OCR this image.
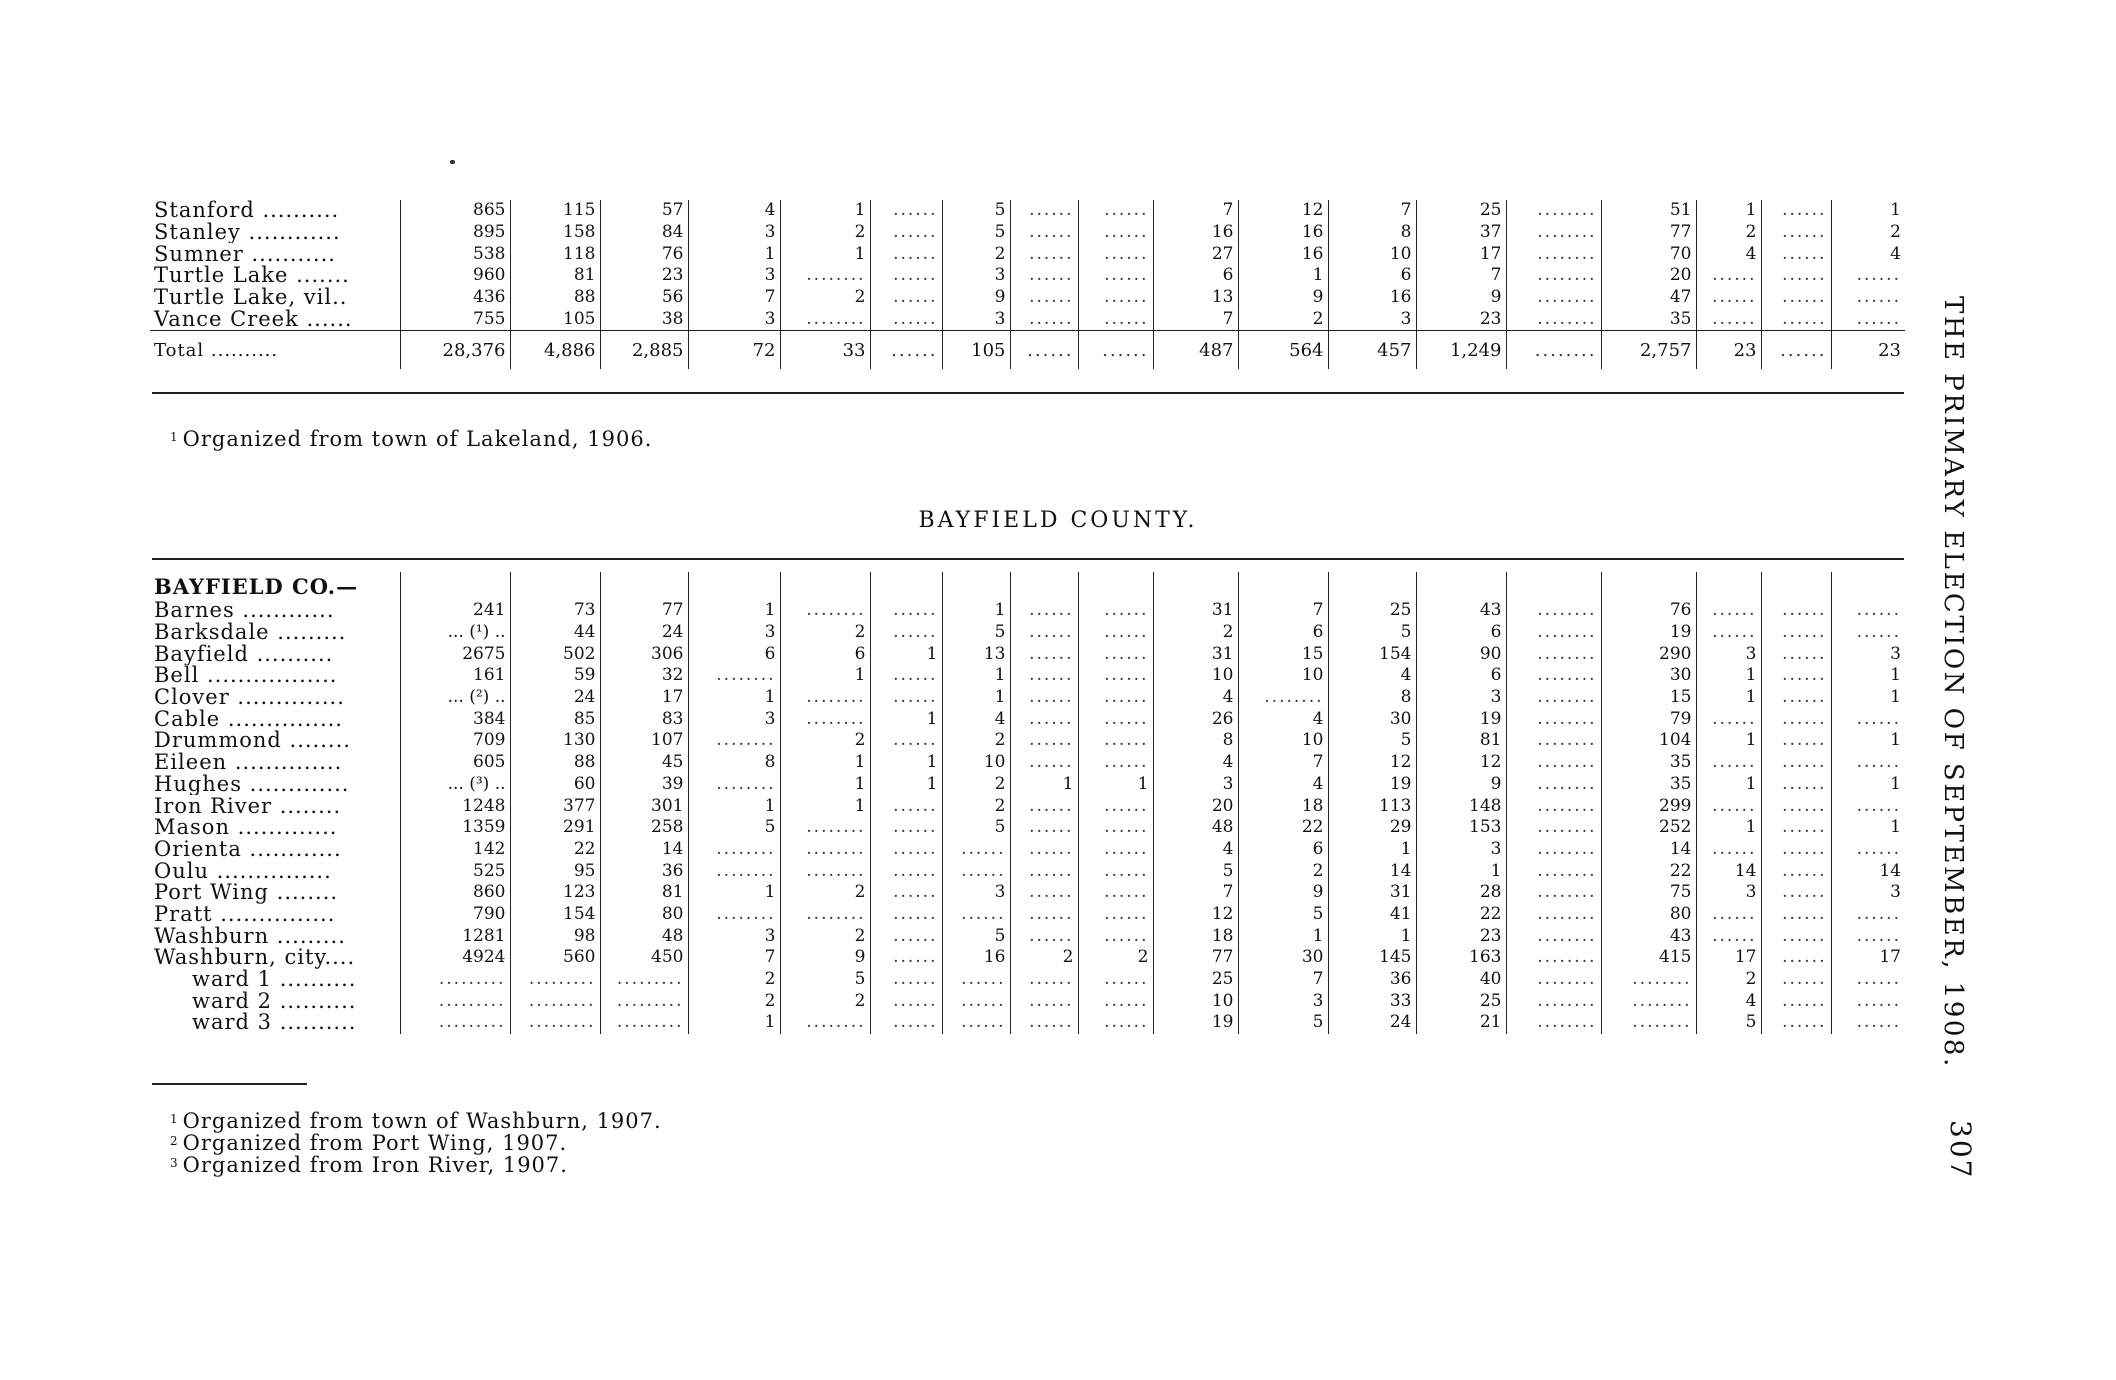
Stanford ..........	865	115	57	4	1	......	5	......	......	7	12	7	25	........	51	1	......	1
Stanley ............	895	158	84	3	2	......	5	......	......	16	16	8	37	........	77	2	......	2
Sumner ...........	538	118	76	1	1	......	2	......	......	27	16	10	17	........	70	4	......	4
Turtle Lake .......	960	81	23	3	........	......	3	......	......	6	1	6	7	........	20	......	......	......
Turtle Lake, vil..	436	88	56	7	2	......	9	......	......	13	9	16	9	........	47	......	......	......
Vance Creek ......	755	105	38	3	........	......	3	......	......	7	2	3	23	........	35	......	......	......
Total ..........	28,376	4,886	2,885	72	33	......	105	......	......	487	564	457	1,249	........	2,757	23	......	23
$^1$ Organized from town of Lakeland, 1906.
BAYFIELD COUNTY.
BAYFIELD CO.—																		
Barnes ............	241	73	77	1	........	......	1	......	......	31	7	25	43	........	76	......	......	......
Barksdale .........	... (¹) ..	44	24	3	2	......	5	......	......	2	6	5	6	........	19	......	......	......
Bayfield ..........	2675	502	306	6	6	1	13	......	......	31	15	154	90	........	290	3	......	3
Bell .................	161	59	32	........	1	......	1	......	......	10	10	4	6	........	30	1	......	1
Clover ..............	... (²) ..	24	17	1	........	......	1	......	......	4	........	8	3	........	15	1	......	1
Cable ...............	384	85	83	3	........	1	4	......	......	26	4	30	19	........	79	......	......	......
Drummond ........	709	130	107	........	2	......	2	......	......	8	10	5	81	........	104	1	......	1
Eileen ..............	605	88	45	8	1	1	10	......	......	4	7	12	12	........	35	......	......	......
Hughes .............	... (³) ..	60	39	........	1	1	2	1	1	3	4	19	9	........	35	1	......	1
Iron River ........	1248	377	301	1	1	......	2	......	......	20	18	113	148	........	299	......	......	......
Mason .............	1359	291	258	5	........	......	5	......	......	48	22	29	153	........	252	1	......	1
Orienta ............	142	22	14	........	........	......	......	......	......	4	6	1	3	........	14	......	......	......
Oulu ...............	525	95	36	........	........	......	......	......	......	5	2	14	1	........	22	14	......	14
Port Wing ........	860	123	81	1	2	......	3	......	......	7	9	31	28	........	75	3	......	3
Pratt ...............	790	154	80	........	........	......	......	......	......	12	5	41	22	........	80	......	......	......
Washburn .........	1281	98	48	3	2	......	5	......	......	18	1	1	23	........	43	......	......	......
Washburn, city....	4924	560	450	7	9	......	16	2	2	77	30	145	163	........	415	17	......	17
ward 1 ..........	.........	.........	.........	2	5	......	......	......	......	25	7	36	40	........	........	2	......	......
ward 2 ..........	.........	.........	.........	2	2	......	......	......	......	10	3	33	25	........	........	4	......	......
ward 3 ..........	.........	.........	.........	1	........	......	......	......	......	19	5	24	21	........	........	5	......	......
$^1$ Organized from town of Washburn, 1907.
$^2$ Organized from Port Wing, 1907.
$^3$ Organized from Iron River, 1907.
THE PRIMARY ELECTION OF SEPTEMBER, 1908.
307
